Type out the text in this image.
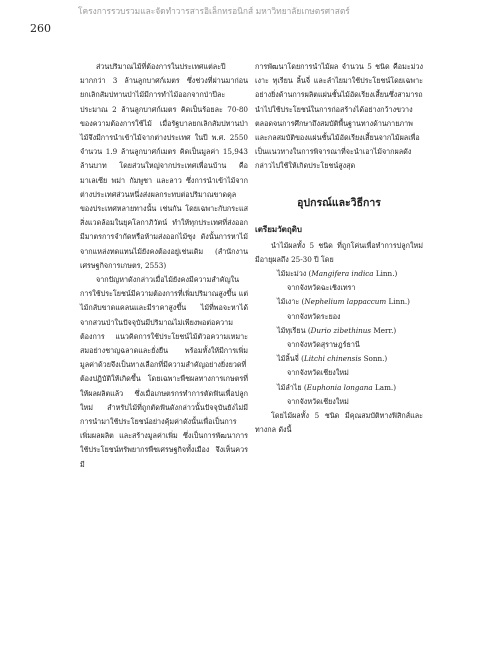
โครงการรวบรวมและจัดทำวารสารอิเล็กทรอนิกส์ มหาวิทยาลัยเกษตรศาสตร์
260

ส่วนปริมาณไม้ที่ต้องการในประเทศแต่ละปีมากกว่า 3 ล้านลูกบาศก์เมตร ซึ่งช่วงที่ผ่านมาก่อนยกเลิกสัมปทานป่าไม้มีการทำไม้ออกจากป่าปีละประมาณ 2 ล้านลูกบาศก์เมตร คิดเป็นร้อยละ 70-80 ของความต้องการใช้ไม้ เมื่อรัฐบาลยกเลิกสัมปทานป่าไม้จึงมีการนำเข้าไม้จากต่างประเทศ ในปี พ.ศ. 2550 จำนวน 1.9 ล้านลูกบาศก์เมตร คิดเป็นมูลค่า 15,943 ล้านบาท โดยส่วนใหญ่จากประเทศเพื่อนบ้าน คือ มาเลเซีย พม่า กัมพูชา และลาว ซึ่งการนำเข้าไม้จากต่างประเทศส่วนหนึ่งส่งผลกระทบต่อปริมาณขาดดุลของประเทศหลายทางนั้น เช่นกัน โดยเฉพาะกับกระแสสิ่งแวดล้อมในยุคโลกาภิวัตน์ ทำให้ทุกประเทศที่ส่งออกมีมาตรการจำกัดหรือห้ามส่งออกไม้ซุง ดังนั้นการหาไม้จากแหล่งทดแทนไม้ยังคงต้องอยู่เช่นเดิม (สำนักงานเศรษฐกิจการเกษตร, 2553)

จากปัญหาดังกล่าวเมื่อไม้ยังคงมีความสำคัญในการใช้ประโยชน์มีความต้องการที่เพิ่มปริมาณสูงขึ้น แต่ไม้กลับขาดแคลนและมีราคาสูงขึ้น ไม้ที่พอจะหาได้จากสวนป่าในปัจจุบันมีปริมาณไม่เพียงพอต่อความต้องการ แนวคิดการใช้ประโยชน์ไม้ตัวอความเหมาะสมอย่างชาญฉลาดและยั่งยืน พร้อมทั้งให้มีการเพิ่มมูลค่าด้วยจึงเป็นทางเลือกที่มีความสำคัญอย่างยิ่งยวดที่ต้องปฏิบัติให้เกิดขึ้น โดยเฉพาะพืชผลทางการเกษตรที่ให้ผลผลิตแล้ว ซึ่งเมื่อเกษตรกรทำการตัดฟันเพื่อปลูกใหม่ สำหรับไม้ที่ถูกตัดฟันดังกล่าวนั้นปัจจุบันยังไม่มีการนำมาใช้ประโยชน์อย่างคุ้มค่าดังนั้นเพื่อเป็นการเพิ่มผลผลิต และสร้างมูลค่าเพิ่ม ซึ่งเป็นการพัฒนาการใช้ประโยชน์ทรัพยากรพืชเศรษฐกิจทั้งเมือง จึงเห็นควรมี

การพัฒนาโดยการนำไม้ผล จำนวน 5 ชนิด คือมะม่วง เงาะ ทุเรียน ลิ้นจี่ และลำไยมาใช้ประโยชน์โดยเฉพาะอย่างยิ่งด้านการผลิตแผ่นชั้นไม้อัดเรียงเสี้ยนซึ่งสามารถนำไปใช้ประโยชน์ในการก่อสร้างได้อย่างกว้างขวางตลอดจนการศึกษาถึงสมบัติพื้นฐานทางด้านกายภาพและกลสมบัติของแผ่นชั้นไม้อัดเรียงเสี้ยนจากไม้ผลเพื่อเป็นแนวทางในการพิจารณาที่จะนำเอาไม้จากผลดังกล่าวไปใช้ให้เกิดประโยชน์สูงสุด

อุปกรณ์และวิธีการ
เตรียมวัตถุดิบ

นำไม้ผลทั้ง 5 ชนิด ที่ถูกโค่นเพื่อทำการปลูกใหม่มีอายุผลถึง 25-30 ปี โดย

ไม้มะม่วง (Mangifera indica Linn.)

จากจังหวัดฉะเชิงเทรา

ไม้เงาะ (Nephelium lappaccum Linn.)

จากจังหวัดระยอง

ไม้ทุเรียน (Durio zibethinus Merr.)

จากจังหวัดสุราษฎร์ธานี

ไม้ลิ้นจี่ (Litchi chinensis Sonn.)

จากจังหวัดเชียงใหม่

ไม้ลำไย (Euphonia longana Lam.)

จากจังหวัดเชียงใหม่

โดยไม้ผลทั้ง 5 ชนิด มีคุณสมบัติทางฟิสิกส์และทางกล ดังนี้
